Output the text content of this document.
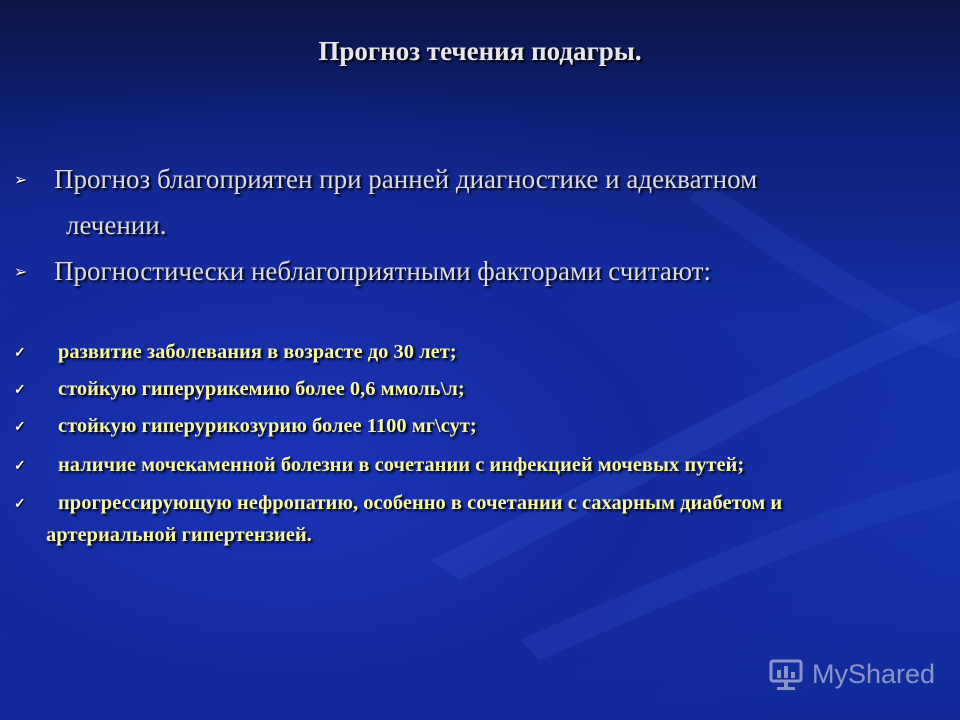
Прогноз течения подагры.
➢ Прогноз благоприятен при ранней диагностике и адекватном
лечении.
➢ Прогностически неблагоприятными факторами считают:
✓ развитие заболевания в возрасте до 30 лет;
✓ стойкую гиперурикемию более 0,6 ммоль\л;
✓ стойкую гиперурикозурию более 1100 мг\сут;
✓ наличие мочекаменной болезни в сочетании с инфекцией мочевых путей;
✓ прогрессирующую нефропатию, особенно в сочетании с сахарным диабетом и
артериальной гипертензией.
MyShared
